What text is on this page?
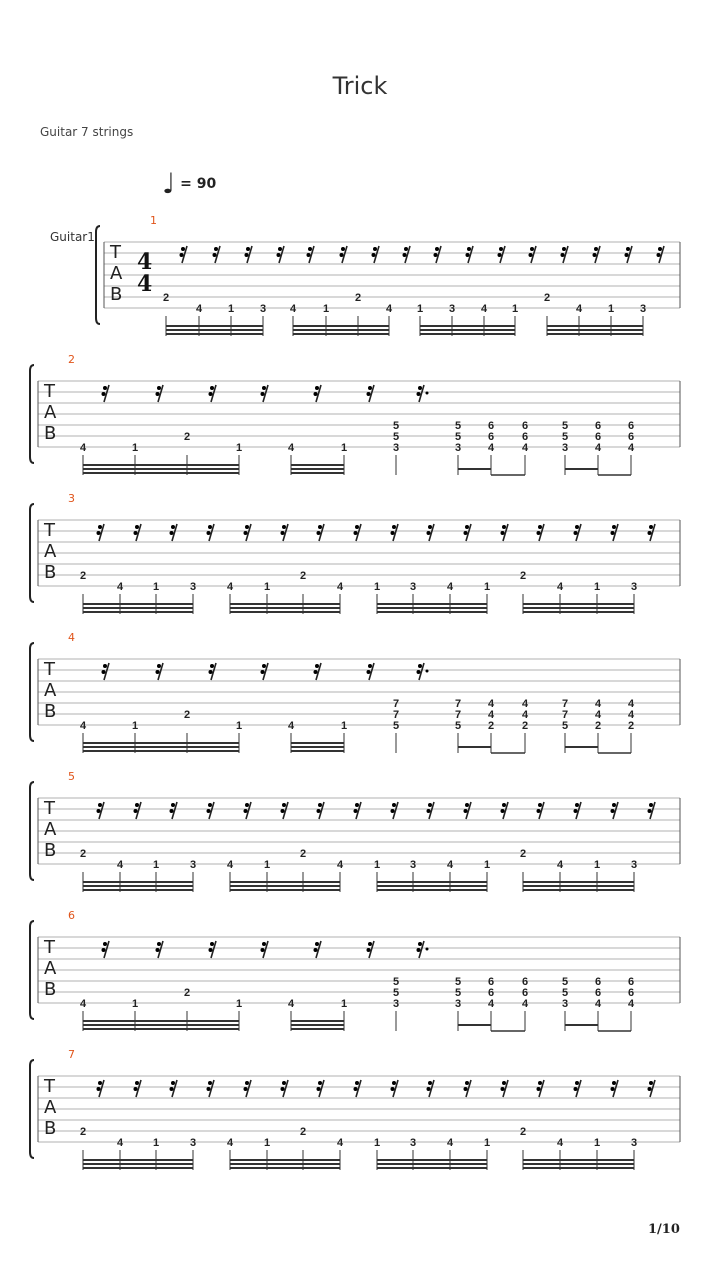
Trick
Guitar 7 strings
♩ = 90
Guitar1
T
A
B
1
4
4
2
4 1 3 4 1
2
4 1 3 4 1
2
4 1 3
T
A
B
2
4	1
2
1	4	1
5
5
3
5
5
3
6
6
4
6
6
4
5
5
3
6
6
4
6
6
4
T
A
B
3
2
4	1	3	4	1
2
4	1	3	4	1
2
4	1	3
T
A
B
4
4	1
2
1	4	1
7
7
5
7
7
5
4
4
2
4
4
2
7
7
5
4
4
2
4
4
2
T
A
B
5
2
4	1	3	4	1
2
4	1	3	4	1
2
4	1	3
T
A
B
6
4	1
2
1	4	1
5
5
3
5
5
3
6
6
4
6
6
4
5
5
3
6
6
4
6
6
4
T
A
B
7
2
4	1	3	4	1
2
4	1	3	4	1
2
4	1	3
1/10
